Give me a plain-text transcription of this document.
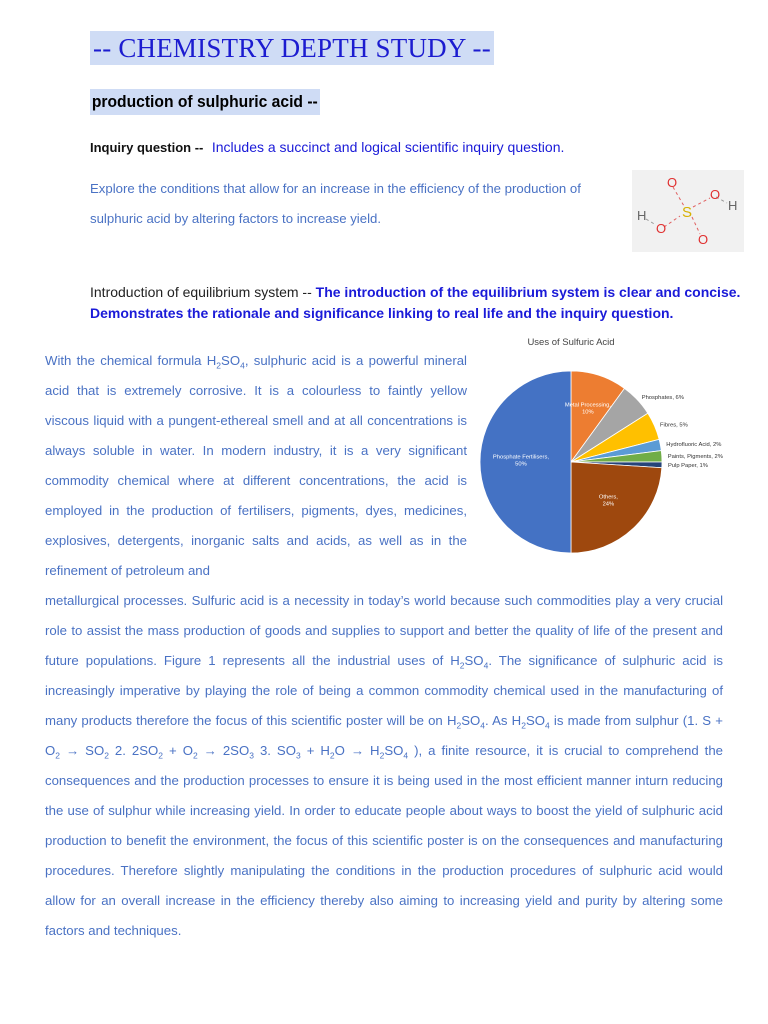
-- CHEMISTRY DEPTH STUDY --
production of sulphuric acid --
Inquiry question -- Includes a succinct and logical scientific inquiry question.
Explore the conditions that allow for an increase in the efficiency of the production of sulphuric acid by altering factors to increase yield.
O
O
H
S
H
O
O
Introduction of equilibrium system -- The introduction of the equilibrium system is clear and concise.
Demonstrates the rationale and significance linking to real life and the inquiry question.

With the chemical formula $H_2SO_4$, sulphuric acid is a powerful mineral acid that is extremely corrosive. It is a colourless to faintly yellow viscous liquid with a pungent-ethereal smell and at all concentrations is always soluble in water. In modern industry, it is a very significant commodity chemical where at different concentrations, the acid is employed in the production of fertilisers, pigments, dyes, medicines, explosives, detergents, inorganic salts and acids, as well as in the refinement of petroleum and

Uses of Sulfuric Acid
Metal Processing, 10%
Phosphates, 6%
Fibres, 5%
Hydrofluoric Acid, 2%
Paints, Pigments, 2%
Pulp Paper, 1%
Others, 24%
Phosphate Fertilisers, 50%

metallurgical processes. Sulfuric acid is a necessity in today’s world because such commodities play a very crucial role to assist the mass production of goods and supplies to support and better the quality of life of the present and future populations. Figure 1 represents all the industrial uses of $H_2SO_4$. The significance of sulphuric acid is increasingly imperative by playing the role of being a common commodity chemical used in the manufacturing of many products therefore the focus of this scientific poster will be on $H_2SO_4$. As $H_2SO_4$ is made from sulphur (1. $S + O_2 \to SO_2$ 2. $2SO_2 + O_2 \to 2SO_3$ 3. $SO_3 + H_2O \to H_2SO_4$ ), a finite resource, it is crucial to comprehend the consequences and the production processes to ensure it is being used in the most efficient manner inturn reducing the use of sulphur while increasing yield. In order to educate people about ways to boost the yield of sulphuric acid production to benefit the environment, the focus of this scientific poster is on the consequences and manufacturing procedures. Therefore slightly manipulating the conditions in the production procedures of sulphuric acid would allow for an overall increase in the efficiency thereby also aiming to increasing yield and purity by altering some factors and techniques.
